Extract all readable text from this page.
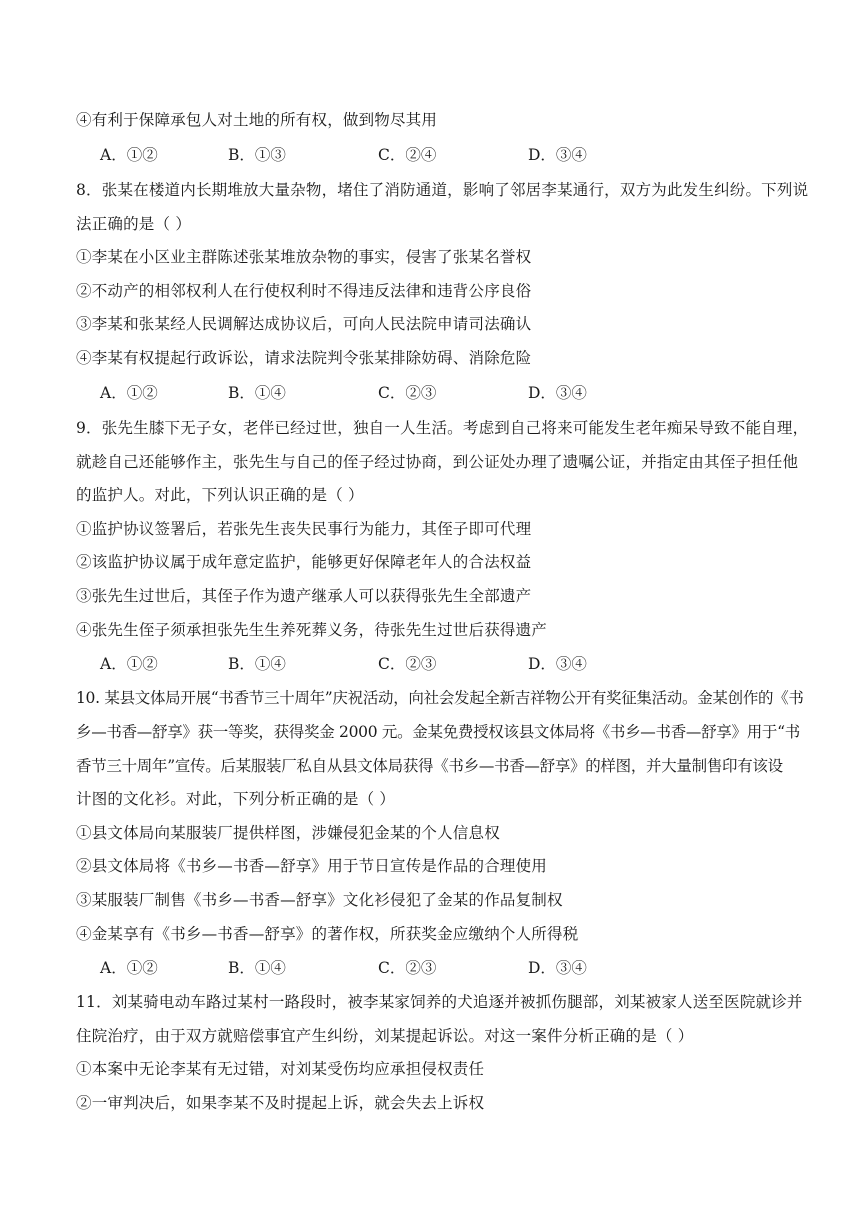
④有利于保障承包人对土地的所有权，做到物尽其用
A．①②	B．①③	C．②④	D．③④
8．张某在楼道内长期堆放大量杂物，堵住了消防通道，影响了邻居李某通行，双方为此发生纠纷。下列说
法正确的是（ ）
①李某在小区业主群陈述张某堆放杂物的事实，侵害了张某名誉权
②不动产的相邻权利人在行使权利时不得违反法律和违背公序良俗
③李某和张某经人民调解达成协议后，可向人民法院申请司法确认
④李某有权提起行政诉讼，请求法院判令张某排除妨碍、消除危险
A．①②	B．①④	C．②③	D．③④
9．张先生膝下无子女，老伴已经过世，独自一人生活。考虑到自己将来可能发生老年痴呆导致不能自理，
就趁自己还能够作主，张先生与自己的侄子经过协商，到公证处办理了遗嘱公证，并指定由其侄子担任他
的监护人。对此，下列认识正确的是（ ）
①监护协议签署后，若张先生丧失民事行为能力，其侄子即可代理
②该监护协议属于成年意定监护，能够更好保障老年人的合法权益
③张先生过世后，其侄子作为遗产继承人可以获得张先生全部遗产
④张先生侄子须承担张先生生养死葬义务，待张先生过世后获得遗产
A．①②	B．①④	C．②③	D．③④
10. 某县文体局开展“书香节三十周年”庆祝活动，向社会发起全新吉祥物公开有奖征集活动。金某创作的《书
乡—书香—舒享》获一等奖，获得奖金 2000 元。金某免费授权该县文体局将《书乡—书香—舒享》用于“书
香节三十周年”宣传。后某服装厂私自从县文体局获得《书乡—书香—舒享》的样图，并大量制售印有该设
计图的文化衫。对此，下列分析正确的是（ ）
①县文体局向某服装厂提供样图，涉嫌侵犯金某的个人信息权
②县文体局将《书乡—书香—舒享》用于节日宣传是作品的合理使用
③某服装厂制售《书乡—书香—舒享》文化衫侵犯了金某的作品复制权
④金某享有《书乡—书香—舒享》的著作权，所获奖金应缴纳个人所得税
A．①②	B．①④	C．②③	D．③④
11．刘某骑电动车路过某村一路段时，被李某家饲养的犬追逐并被抓伤腿部，刘某被家人送至医院就诊并
住院治疗，由于双方就赔偿事宜产生纠纷，刘某提起诉讼。对这一案件分析正确的是（ ）
①本案中无论李某有无过错，对刘某受伤均应承担侵权责任
②一审判决后，如果李某不及时提起上诉，就会失去上诉权
